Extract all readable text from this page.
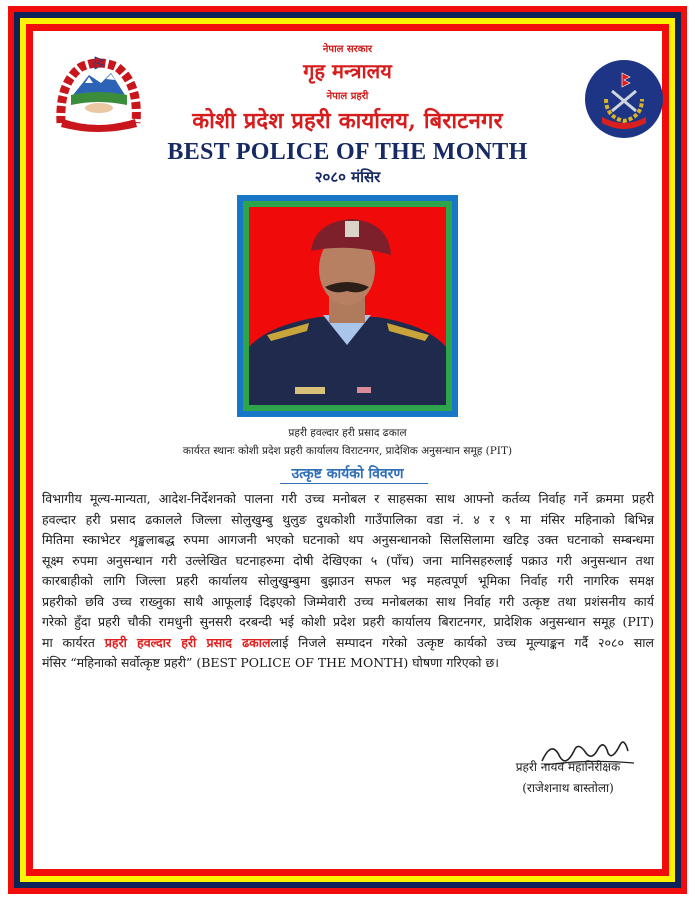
नेपाल सरकार
गृह मन्त्रालय
नेपाल प्रहरी
कोशी प्रदेश प्रहरी कार्यालय, बिराटनगर
BEST POLICE OF THE MONTH
२०८० मंसिर
प्रहरी हवल्दार हरी प्रसाद ढकाल
कार्यरत स्थानः कोशी प्रदेश प्रहरी कार्यालय विराटनगर, प्रादेशिक अनुसन्धान समूह (PIT)
उत्कृष्ट कार्यको विवरण
विभागीय मूल्य-मान्यता, आदेश-निर्देशनको पालना गरी उच्च मनोबल र साहसका साथ आफ्नो कर्तव्य निर्वाह गर्ने क्रममा प्रहरी
हवल्दार हरी प्रसाद ढकालले जिल्ला सोलुखुम्बु थुलुङ दुधकोशी गाउँपालिका वडा नं. ४ र ९ मा मंसिर महिनाको बिभिन्न
मितिमा स्काभेटर शृङ्खलाबद्ध रुपमा आगजनी भएको घटनाको थप अनुसन्धानको सिलसिलामा खटिइ उक्त घटनाको सम्बन्धमा
सूक्ष्म रुपमा अनुसन्धान गरी उल्लेखित घटनाहरुमा दोषी देखिएका ५ (पाँच) जना मानिसहरुलाई पक्राउ गरी अनुसन्धान तथा
कारबाहीको लागि जिल्ला प्रहरी कार्यालय सोलुखुम्बुमा बुझाउन सफल भइ महत्वपूर्ण भूमिका निर्वाह गरी नागरिक समक्ष
प्रहरीको छवि उच्च राख्नुका साथै आफूलाई दिइएको जिम्मेवारी उच्च मनोबलका साथ निर्वाह गरी उत्कृष्ट तथा प्रशंसनीय कार्य
गरेको हुँदा प्रहरी चौकी रामधुनी सुनसरी दरबन्दी भई कोशी प्रदेश प्रहरी कार्यालय बिराटनगर, प्रादेशिक अनुसन्धान समूह (PIT)
मा कार्यरत प्रहरी हवल्दार हरी प्रसाद ढकाललाई निजले सम्पादन गरेको उत्कृष्ट कार्यको उच्च मूल्याङ्कन गर्दै २०८० साल
मंसिर “महिनाको सर्वोत्कृष्ट प्रहरी” (BEST POLICE OF THE MONTH) घोषणा गरिएको छ।
प्रहरी नायव महानिरीक्षक
(राजेशनाथ बास्तोला)
